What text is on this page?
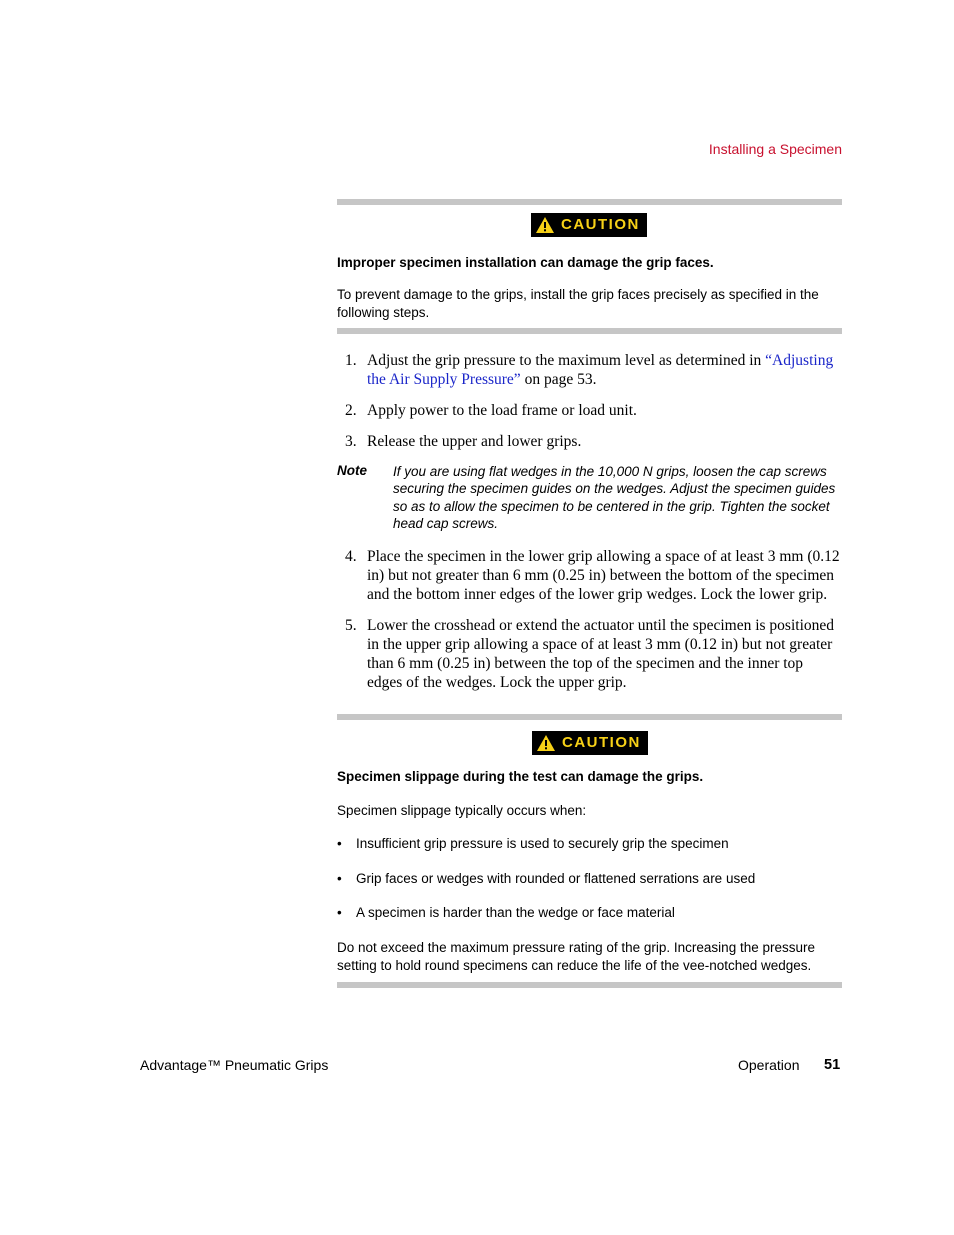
Installing a Specimen
CAUTION
Improper specimen installation can damage the grip faces.
To prevent damage to the grips, install the grip faces precisely as specified in the following steps.
1. Adjust the grip pressure to the maximum level as determined in “Adjusting the Air Supply Pressure” on page 53.
2. Apply power to the load frame or load unit.
3. Release the upper and lower grips.
Note If you are using flat wedges in the 10,000 N grips, loosen the cap screws securing the specimen guides on the wedges. Adjust the specimen guides so as to allow the specimen to be centered in the grip. Tighten the socket head cap screws.
4. Place the specimen in the lower grip allowing a space of at least 3 mm (0.12 in) but not greater than 6 mm (0.25 in) between the bottom of the specimen and the bottom inner edges of the lower grip wedges. Lock the lower grip.
5. Lower the crosshead or extend the actuator until the specimen is positioned in the upper grip allowing a space of at least 3 mm (0.12 in) but not greater than 6 mm (0.25 in) between the top of the specimen and the inner top edges of the wedges. Lock the upper grip.
CAUTION
Specimen slippage during the test can damage the grips.
Specimen slippage typically occurs when:
•	Insufficient grip pressure is used to securely grip the specimen
•	Grip faces or wedges with rounded or flattened serrations are used
•	A specimen is harder than the wedge or face material
Do not exceed the maximum pressure rating of the grip. Increasing the pressure setting to hold round specimens can reduce the life of the vee-notched wedges.
Advantage™ Pneumatic Grips	Operation 51
